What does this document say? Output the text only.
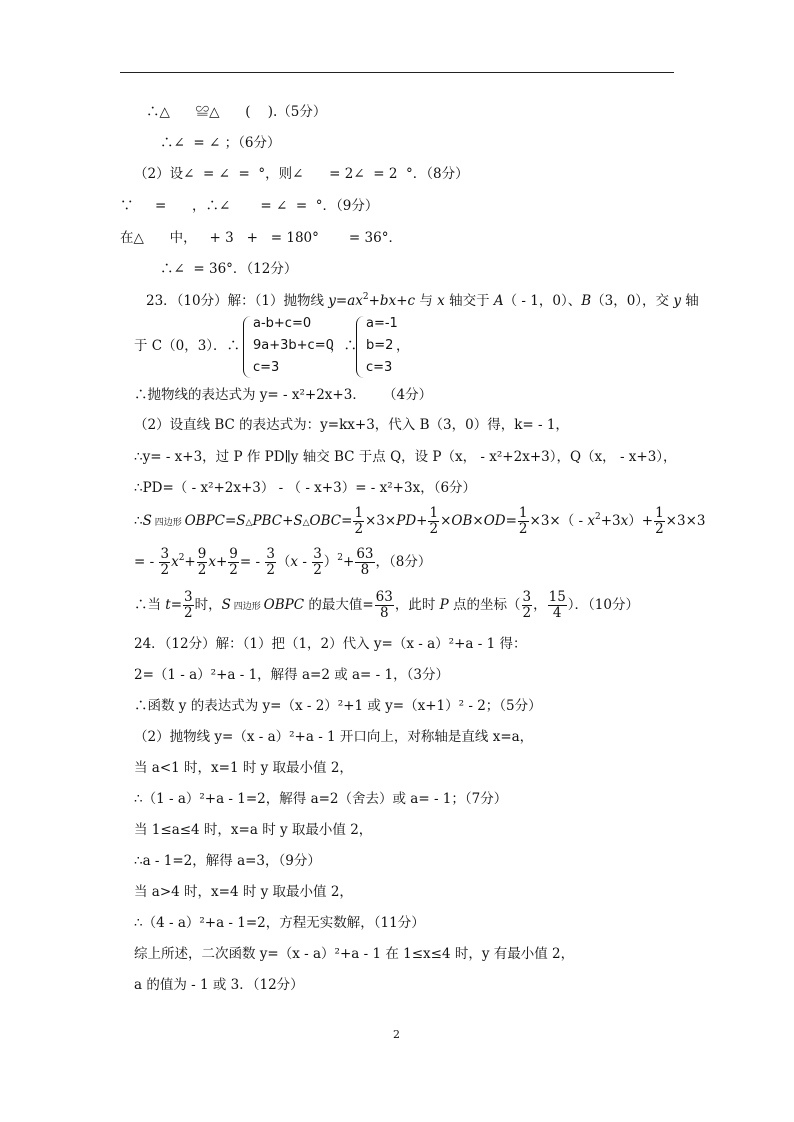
∴△      ≌△      (    ).（5分）
∴∠  = ∠ ；（6分）
（2）设∠  = ∠  =  °，则∠      = 2∠  = 2  °．（8分）
∵     =      ，∴∠       = ∠  =  °．（9分）
在△      中，   + 3   +   = 180°       = 36°．
∴∠  = 36°．（12分）
23．（10分）解：（1）抛物线 $y=ax^2+bx+c$ 与 x 轴交于 A（ - 1，0）、B（3，0），交 y 轴
于 C（0，3）．∴
a-b+c=0
9a+3b+c=0
c=3
，∴
a=-1
b=2
c=3
，
∴抛物线的表达式为 y= - x²+2x+3．    （4分）
（2）设直线 BC 的表达式为：y=kx+3，代入 B（3，0）得，k= - 1，
∴y= - x+3，过 P 作 PD∥y 轴交 BC 于点 Q，设 P（x， - x²+2x+3），Q（x， - x+3），
∴PD=（ - x²+2x+3） - （ - x+3）= - x²+3x，（6分）
∴S 四边形 OBPC=S△PBC+S△OBC= $\frac{1}{2} \times 3\times PD+ \frac{1}{2} \times OB\times OD= \frac{1}{2} \times 3\times( - x^2+3x)+ \frac{1}{2} \times 3\times 3$
= - $\frac{3}{2} x^2+ \frac{9}{2} x+ \frac{9}{2}$ = - $\frac{3}{2} (x - \frac{3}{2} )^2+ \frac{63}{8}$ ，（8分）
∴当 $t= \frac{3}{2}$ 时，S 四边形 OBPC 的最大值= $\frac{63}{8}$ ，此时 P 点的坐标（ $\frac{3}{2}$ ， $\frac{15}{4}$ ）．（10分）
24．（12分）解：（1）把（1，2）代入 y=（x - a）²+a - 1 得：
2=（1 - a）²+a - 1，解得 a=2 或 a= - 1，（3分）
∴函数 y 的表达式为 y=（x - 2）²+1 或 y=（x+1）² - 2；（5分）
（2）抛物线 y=（x - a）²+a - 1 开口向上，对称轴是直线 x=a，
当 a<1 时，x=1 时 y 取最小值 2，
∴（1 - a）²+a - 1=2，解得 a=2（舍去）或 a= - 1；（7分）
当 1≤a≤4 时，x=a 时 y 取最小值 2，
∴a - 1=2，解得 a=3，（9分）
当 a>4 时，x=4 时 y 取最小值 2，
∴（4 - a）²+a - 1=2，方程无实数解，（11分）
综上所述，二次函数 y=（x - a）²+a - 1 在 1≤x≤4 时，y 有最小值 2，
a 的值为 - 1 或 3．（12分）
2
